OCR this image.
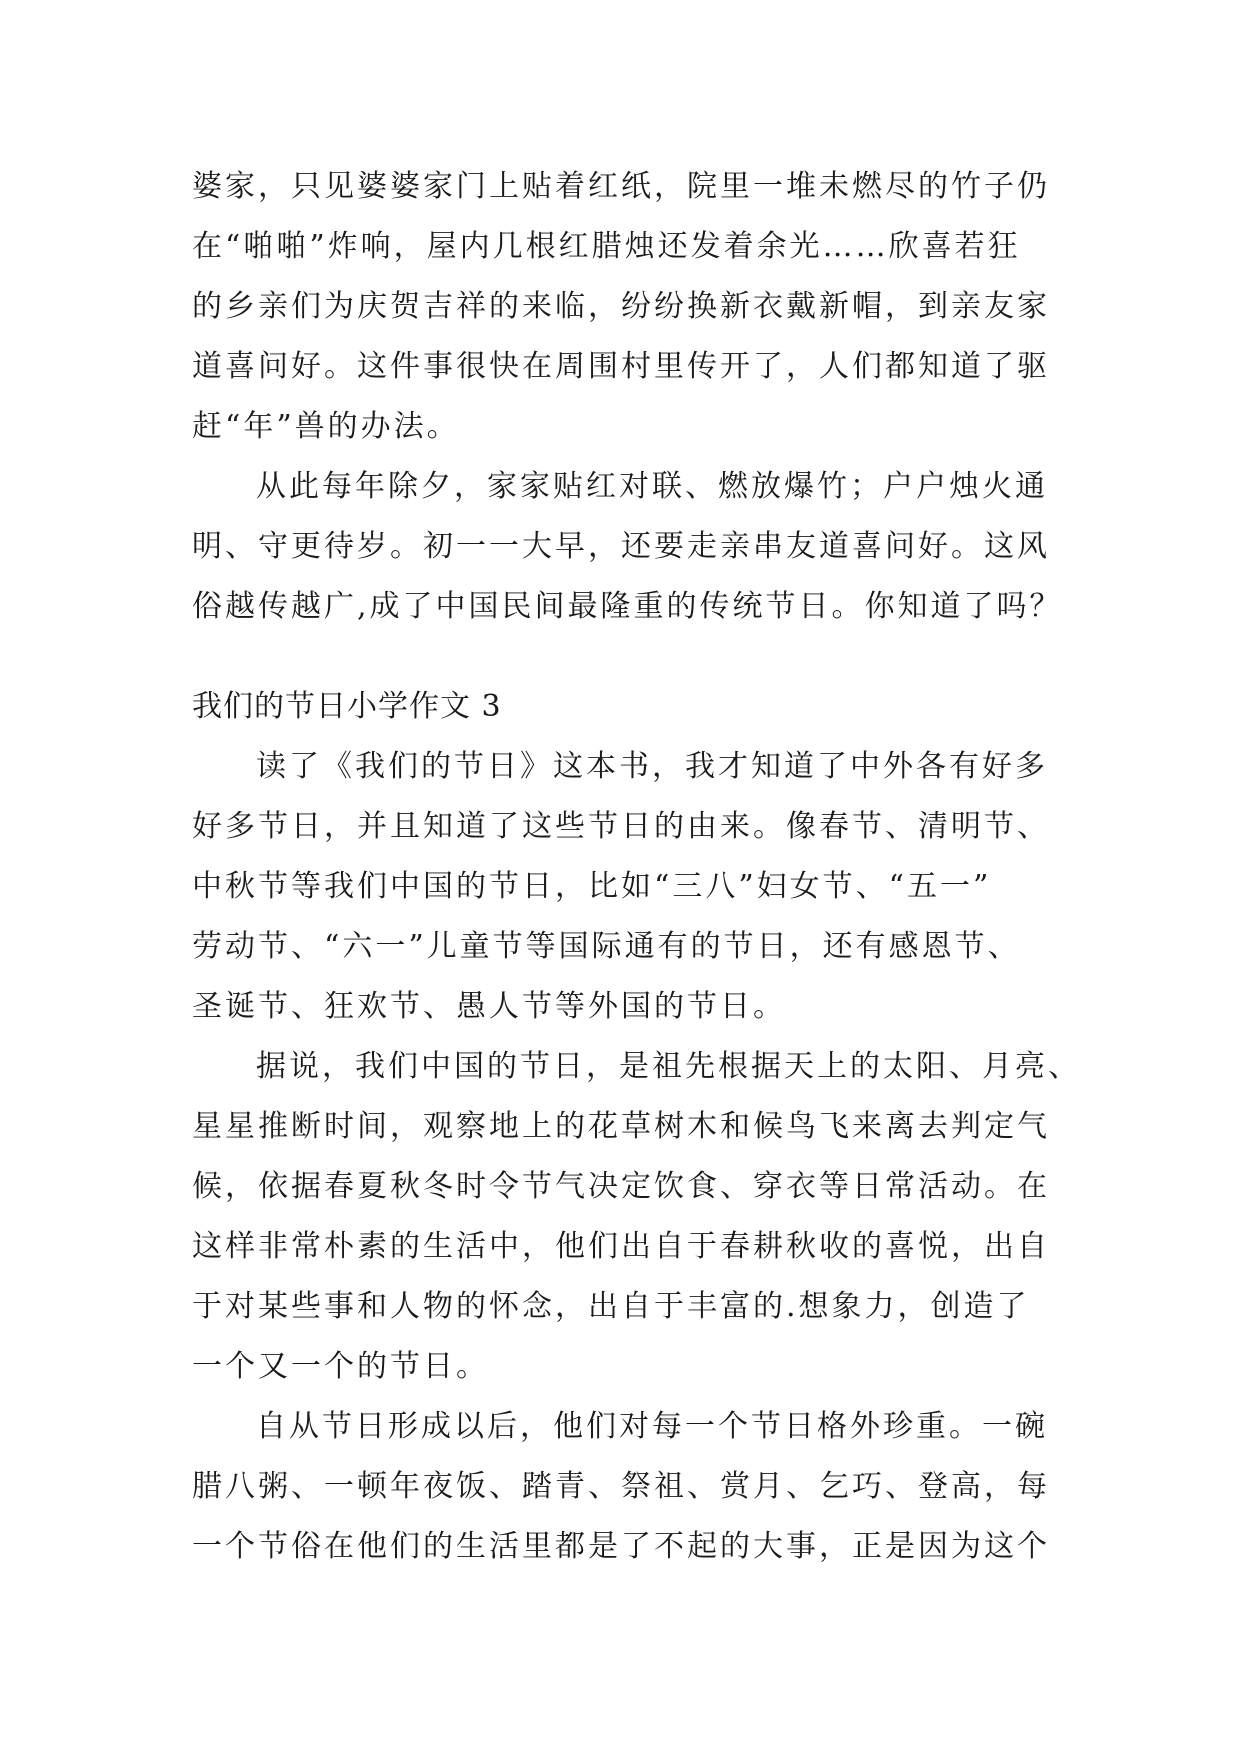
婆家，只见婆婆家门上贴着红纸，院里一堆未燃尽的竹子仍
在“啪啪”炸响，屋内几根红腊烛还发着余光……欣喜若狂
的乡亲们为庆贺吉祥的来临，纷纷换新衣戴新帽，到亲友家
道喜问好。这件事很快在周围村里传开了，人们都知道了驱
赶“年”兽的办法。
从此每年除夕，家家贴红对联、燃放爆竹；户户烛火通
明、守更待岁。初一一大早，还要走亲串友道喜问好。这风
俗越传越广,成了中国民间最隆重的传统节日。你知道了吗？
我们的节日小学作文 3
读了《我们的节日》这本书，我才知道了中外各有好多
好多节日，并且知道了这些节日的由来。像春节、清明节、
中秋节等我们中国的节日，比如“三八”妇女节、“五一”
劳动节、“六一”儿童节等国际通有的节日，还有感恩节、
圣诞节、狂欢节、愚人节等外国的节日。
据说，我们中国的节日，是祖先根据天上的太阳、月亮、
星星推断时间，观察地上的花草树木和候鸟飞来离去判定气
候，依据春夏秋冬时令节气决定饮食、穿衣等日常活动。在
这样非常朴素的生活中，他们出自于春耕秋收的喜悦，出自
于对某些事和人物的怀念，出自于丰富的.想象力，创造了
一个又一个的节日。
自从节日形成以后，他们对每一个节日格外珍重。一碗
腊八粥、一顿年夜饭、踏青、祭祖、赏月、乞巧、登高，每
一个节俗在他们的生活里都是了不起的大事，正是因为这个
